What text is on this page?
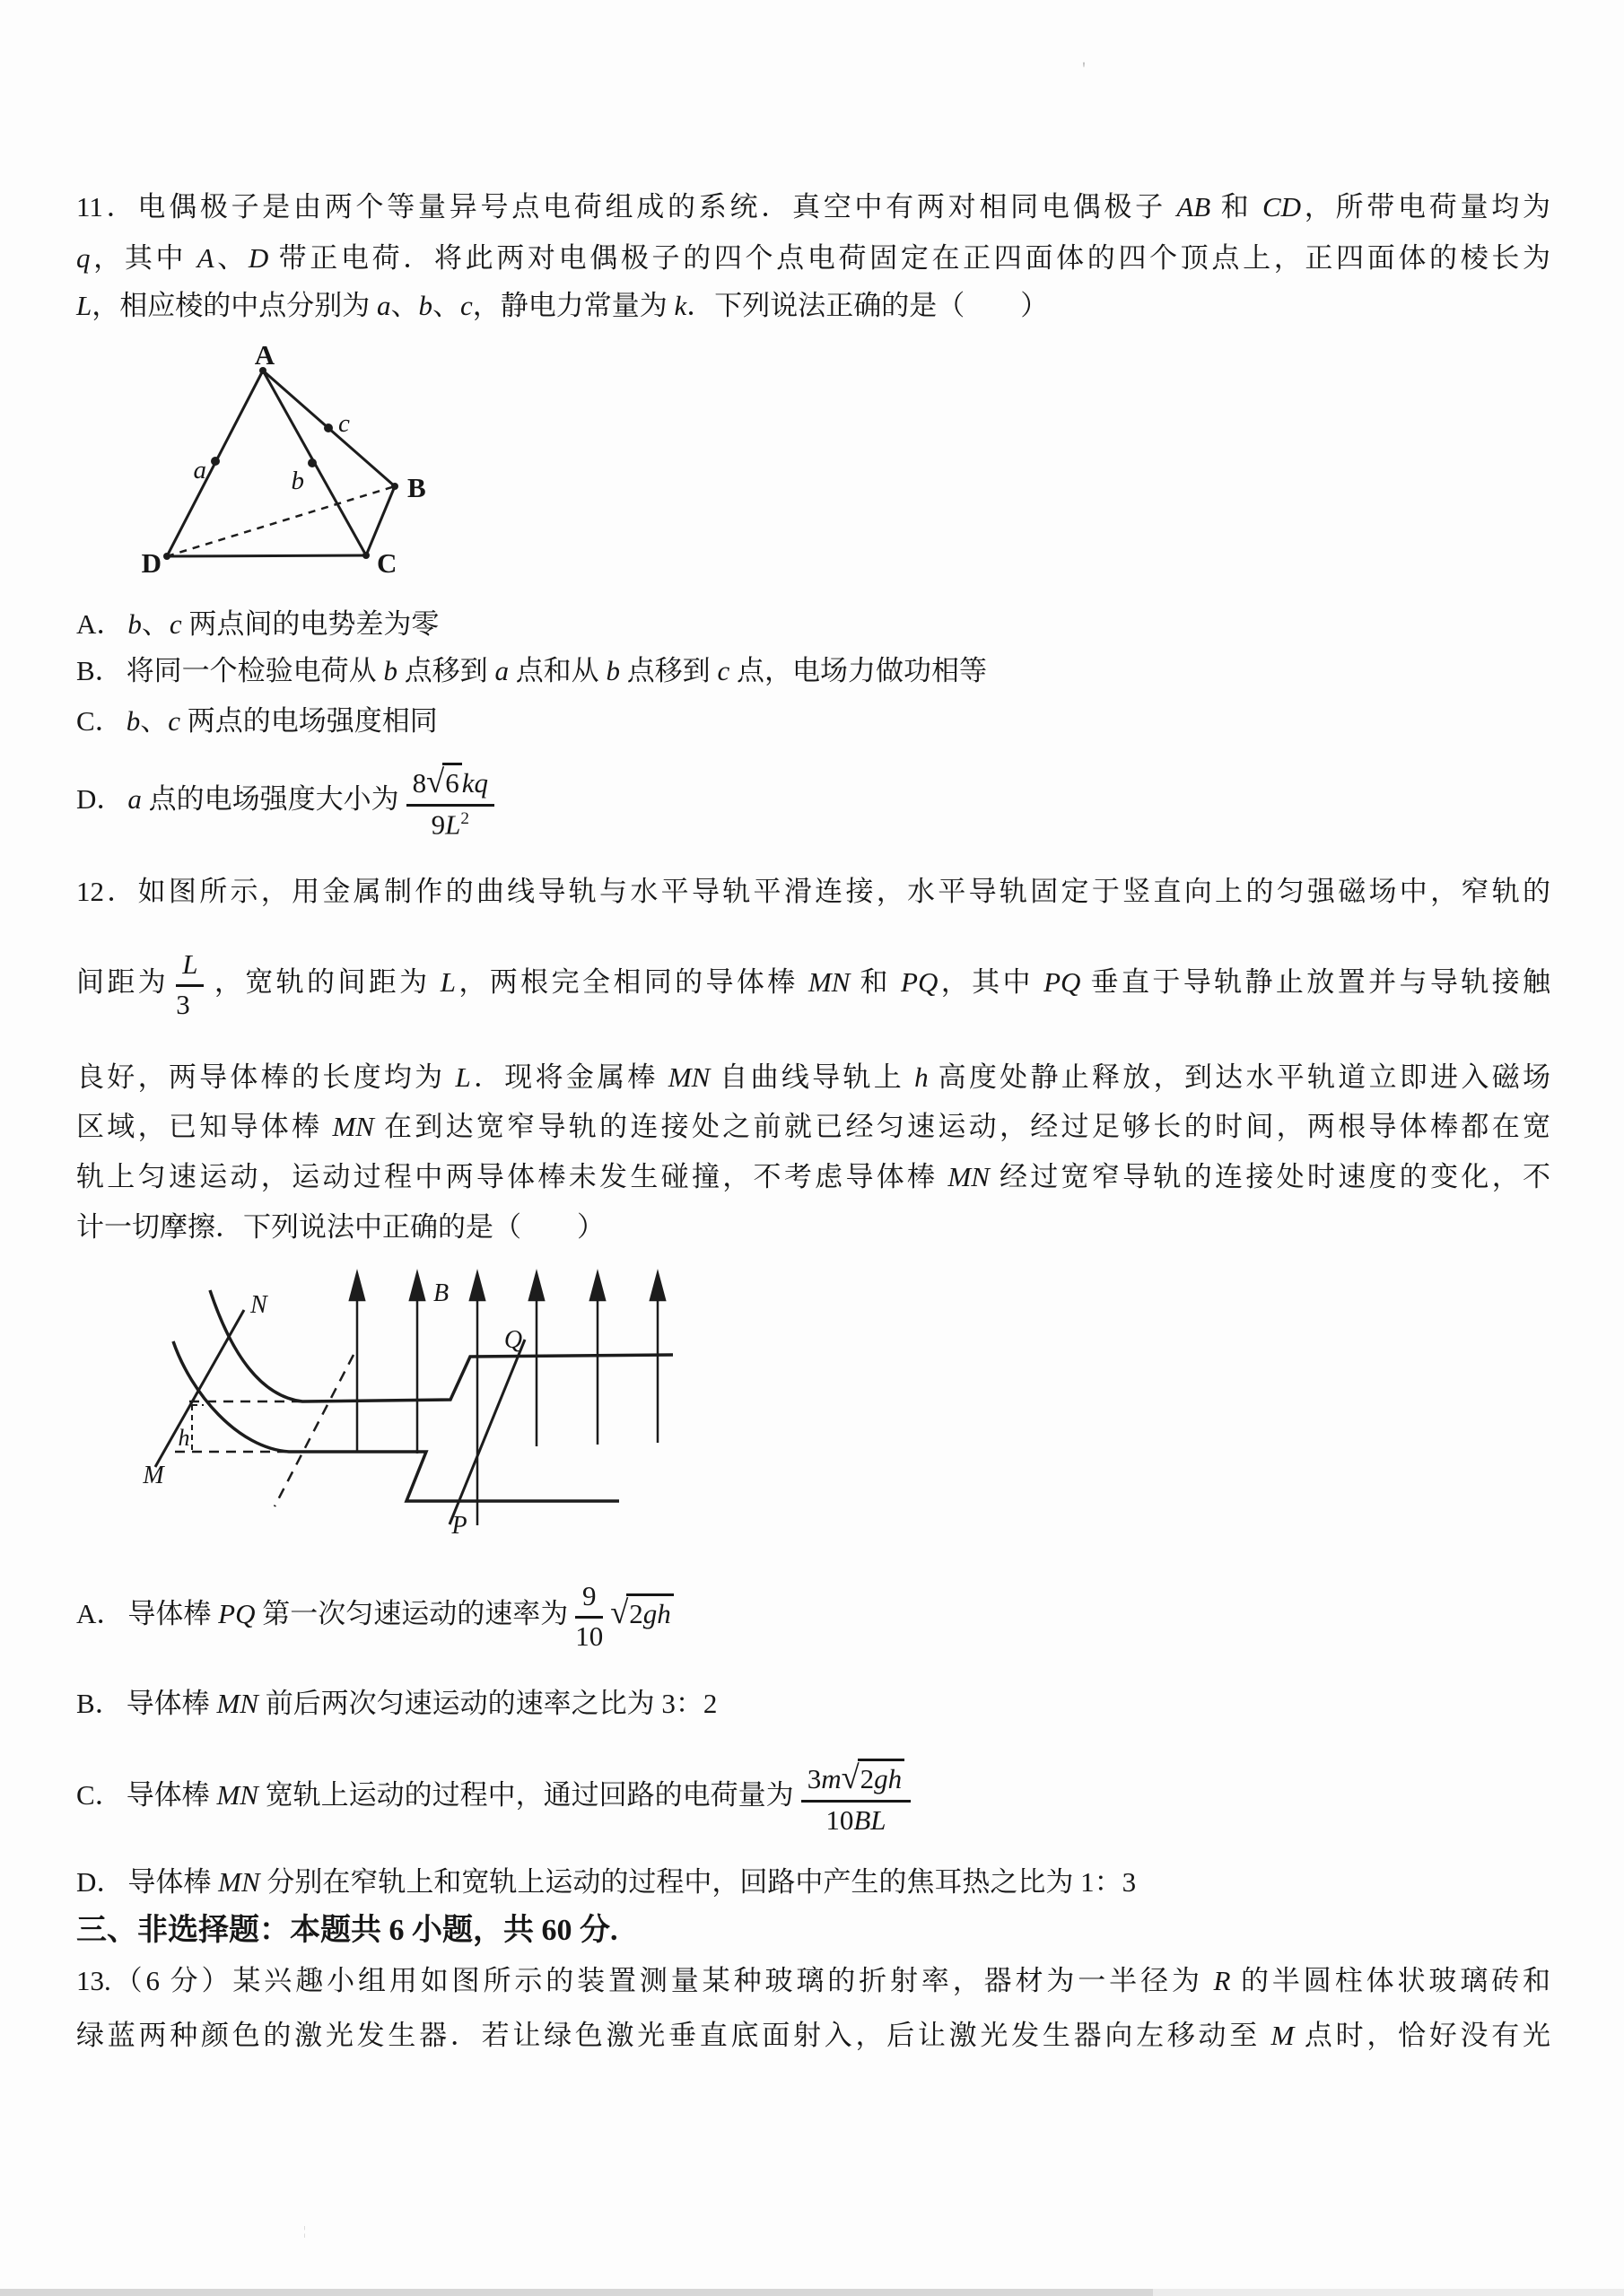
'
11．电偶极子是由两个等量异号点电荷组成的系统．真空中有两对相同电偶极子 AB 和 CD，所带电荷量均为
q，其中 A、D 带正电荷．将此两对电偶极子的四个点电荷固定在正四面体的四个顶点上，正四面体的棱长为
L，相应棱的中点分别为 a、b、c，静电力常量为 k．下列说法正确的是（　　）
A
B
C
D
a	b
c
A． b、c 两点间的电势差为零
B． 将同一个检验电荷从 b 点移到 a 点和从 b 点移到 c 点，电场力做功相等
C． b、c 两点的电场强度相同
D． a 点的电场强度大小为 $\frac{8√6kq}{9L^2}$
12．如图所示，用金属制作的曲线导轨与水平导轨平滑连接，水平导轨固定于竖直向上的匀强磁场中，窄轨的
间距为 $\frac{L}{3}$ ，宽轨的间距为 L，两根完全相同的导体棒 MN 和 PQ，其中 PQ 垂直于导轨静止放置并与导轨接触
良好，两导体棒的长度均为 L．现将金属棒 MN 自曲线导轨上 h 高度处静止释放，到达水平轨道立即进入磁场
区域，已知导体棒 MN 在到达宽窄导轨的连接处之前就已经匀速运动，经过足够长的时间，两根导体棒都在宽
轨上匀速运动，运动过程中两导体棒未发生碰撞，不考虑导体棒 MN 经过宽窄导轨的连接处时速度的变化，不
计一切摩擦．下列说法中正确的是（　　）
N
M
h
B
Q
P
A． 导体棒 PQ 第一次匀速运动的速率为 $\frac{9}{10} √2gh$
B． 导体棒 MN 前后两次匀速运动的速率之比为 3：2
C． 导体棒 MN 宽轨上运动的过程中，通过回路的电荷量为 $\frac{3m√2gh}{10BL}$
D． 导体棒 MN 分别在窄轨上和宽轨上运动的过程中，回路中产生的焦耳热之比为 1：3
三、非选择题：本题共 6 小题，共 60 分.
13.（6 分）某兴趣小组用如图所示的装置测量某种玻璃的折射率，器材为一半径为 R 的半圆柱体状玻璃砖和
绿蓝两种颜色的激光发生器．若让绿色激光垂直底面射入，后让激光发生器向左移动至 M 点时，恰好没有光
¦
